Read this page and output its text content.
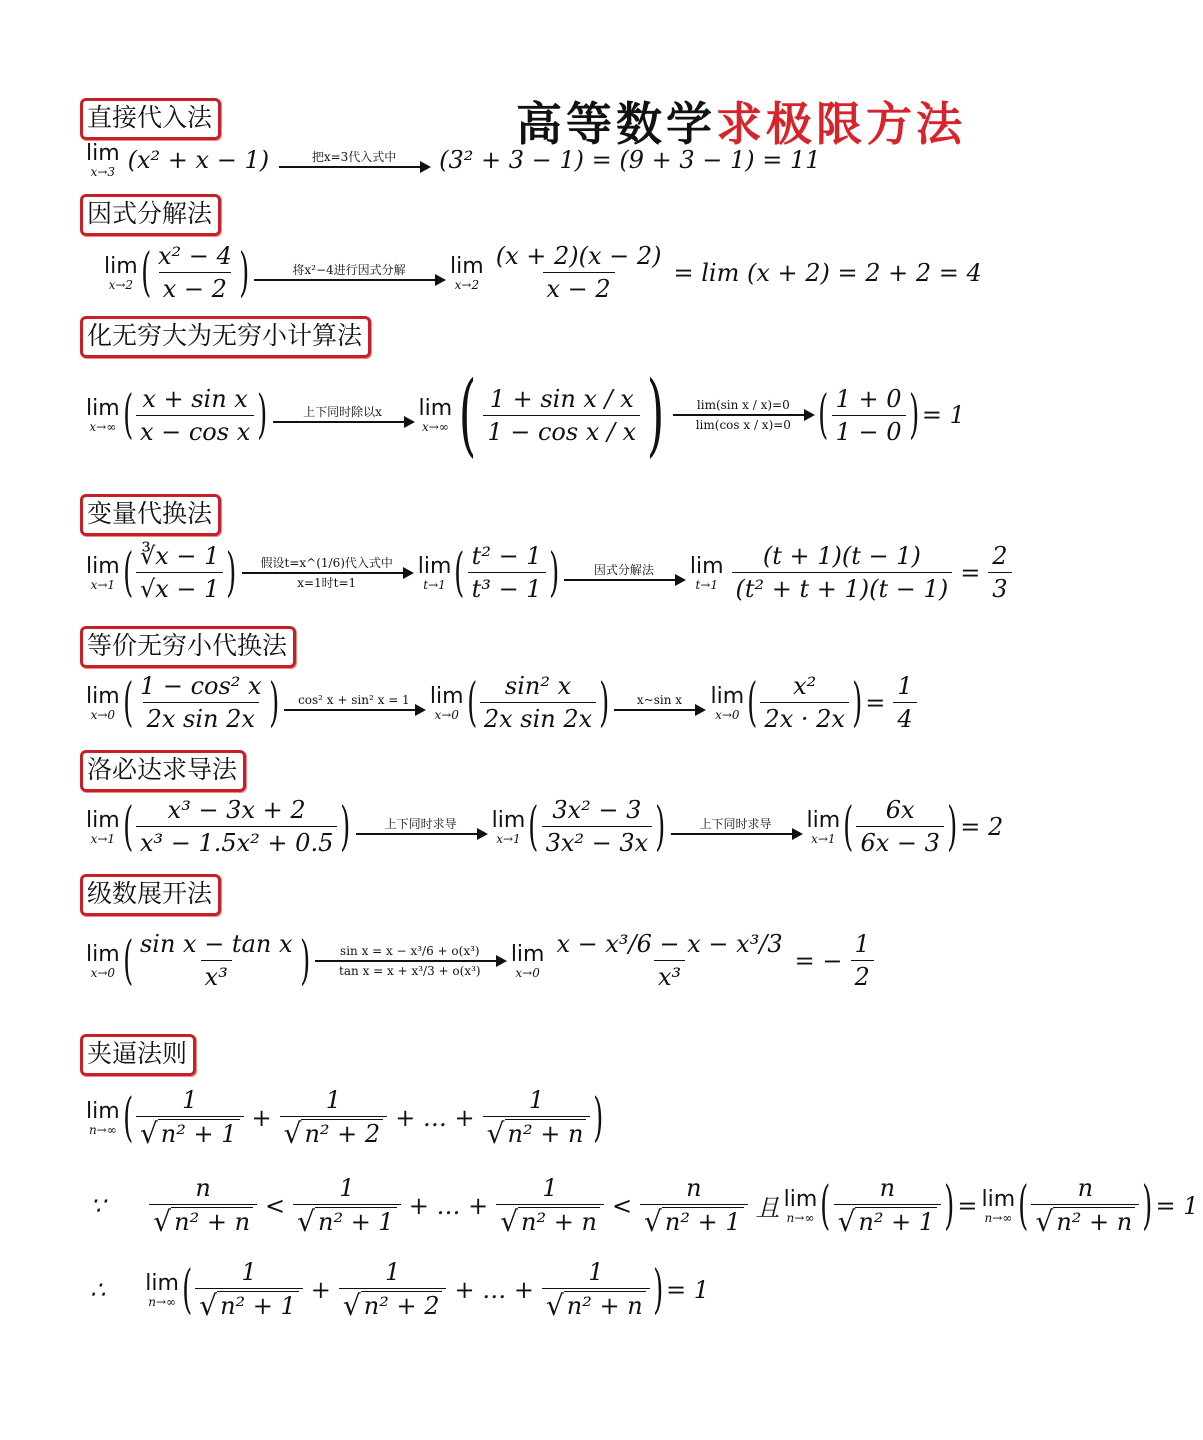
高等数学求极限方法
直接代入法
lim
x→3 (x² + x − 1)	把x=3代入式中	(3² + 3 − 1) = (9 + 3 − 1) = 11
因式分解法
lim
x→2 ( $\frac{\text{x² − 4}}{x - 2}$ )	将x²−4进行因式分解	lim
$x\to 2 \frac{(x + 2)(x - 2)}{x - 2} = \lim (x + 2) = 2 + 2 = 4$
化无穷大为无穷小计算法
lim
x→∞ ( $\frac{\text{x + sin x}}{\text{x − cos x}}$ )	上下同时除以x	lim
x→∞ ( $\frac{\text{1 + sin x / x}}{\text{1 − cos x / x}}$ )	lim(sin x / x)=0
lim(cos x / x)=0 ( $\frac{1 + 0}{1 - 0}$ ) = 1
变量代换法
lim
x→1 ( $\frac{∛x - 1}{√x - 1}$ )	假设t=x^(1/6)代入式中
x=1时t=1
lim
t→1 ( $\frac{\text{t² − 1}}{\text{t³ − 1}}$ )	因式分解法	lim
$t\to 1 \frac{(t + 1)(t - 1)}{\text{(t² + t + 1)(t − 1)}} = \frac{2}{3}$
等价无穷小代换法
lim
x→0 ( $\frac{\text{1 − cos² x}}{\text{2x sin 2x}}$ )	cos² x + sin² x = 1 lim
x→0 ( $\frac{\text{sin² x}}{\text{2x sin 2x}}$ )	x~sin x	lim
x→0 ( $\frac{\text{x²}}{2x \cdot 2x}$ ) = $\frac{1}{4}$
洛必达求导法
lim
x→1 ( $\frac{\text{x³ − 3x + 2}}{\text{x³ − 1.5x² + 0.5}}$ )	上下同时求导	lim
x→1 ( $\frac{\text{3x² − 3}}{\text{3x² − 3x}}$ )	上下同时求导	lim
x→1 ( $\frac{6x}{6x - 3}$ ) = 2
级数展开法
lim
x→0 ( $\frac{\text{sin x − tan x}}{\text{x³}}$ )	sin x = x − x³/6 + o(x³)
tan x = x + x³/3 + o(x³)
lim
$x\to 0 \frac{\text{x − x³/6 − x − x³/3}}{\text{x³}}$ = − $\frac{1}{2}$
夹逼法则
lim
n→∞ ( $\frac{1}{\text{√ n² + 1}} + \frac{1}{\text{√ n² + 2}}$ + … + $\frac{1}{\text{√ n² + n}}$ )
∵ $\frac{n}{\text{√ n² + n}} < \frac{1}{\text{√ n² + 1}}$ + … + $\frac{1}{\text{√ n² + n}} < \frac{n}{\text{√ n² + 1}}$ 且 lim
n→∞ ( $\frac{n}{\text{√ n² + 1}}$ ) = lim
n→∞ ( $\frac{n}{\text{√ n² + n}}$ ) = 1
∴ lim
n→∞ ( $\frac{1}{\text{√ n² + 1}} + \frac{1}{\text{√ n² + 2}}$ + … + $\frac{1}{\text{√ n² + n}}$ ) = 1
